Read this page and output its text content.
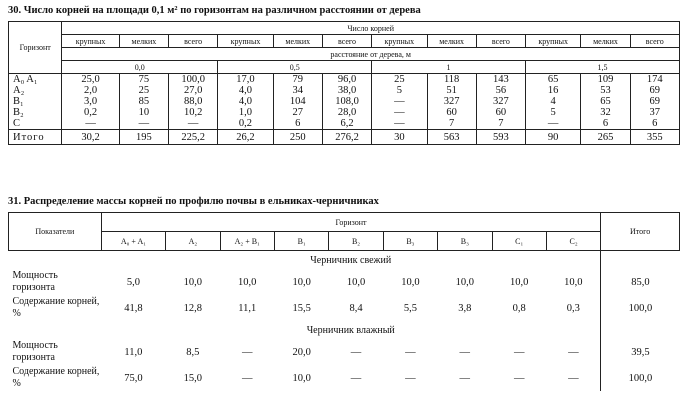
30. Число корней на площади 0,1 м² по горизонтам на различном расстоянии от дерева
Горизонт	Число корней											
	крупных	мелких	всего	крупных	мелких	всего	крупных	мелких	всего	крупных	мелких	всего
	расстояние от дерева, м											
	0,0			0,5			1			1,5		
A₀ A₁	25,0	75	100,0	17,0	79	96,0	25	118	143	65	109	174
A₂	2,0	25	27,0	4,0	34	38,0	5	51	56	16	53	69
B₁	3,0	85	88,0	4,0	104	108,0	—	327	327	4	65	69
B₂	0,2	10	10,2	1,0	27	28,0	—	60	60	5	32	37
C	—	—	—	0,2	6	6,2	—	7	7	—	6	6
Итого	30,2	195	225,2	26,2	250	276,2	30	563	593	90	265	355
31. Распределение массы корней по профилю почвы в ельниках-черничниках
Показатели	Горизонт									Итого
	A₀ + A₁	A₂	A₂ + B₁	B₁	B₂	B₃	B₃	C₁	C₂	
	Черничник свежий									
Мощность горизонта	5,0	10,0	10,0	10,0	10,0	10,0	10,0	10,0	10,0	85,0
Содержание корней, %	41,8	12,8	11,1	15,5	8,4	5,5	3,8	0,8	0,3	100,0
	Черничник влажный									
Мощность горизонта	11,0	8,5	—	20,0	—	—	—	—	—	39,5
Содержание корней, %	75,0	15,0	—	10,0	—	—	—	—	—	100,0
